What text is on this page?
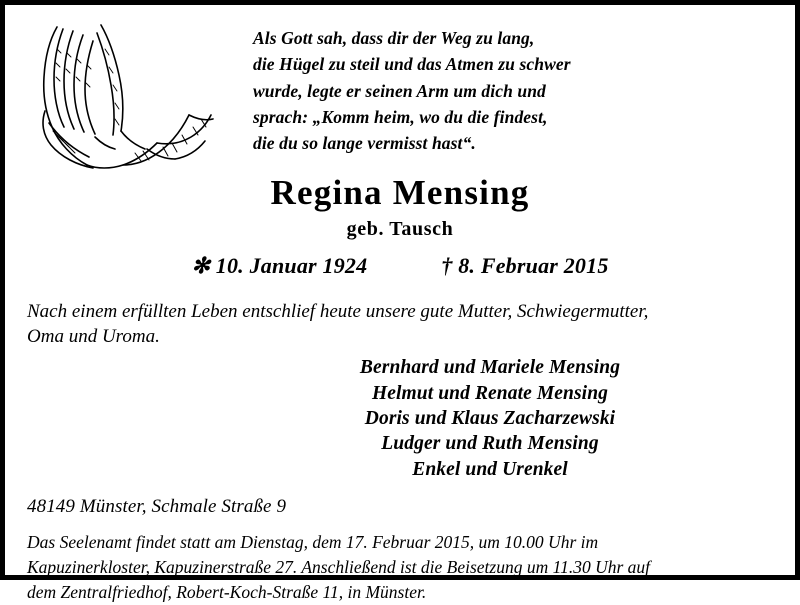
Als Gott sah, dass dir der Weg zu lang,
die Hügel zu steil und das Atmen zu schwer
wurde, legte er seinen Arm um dich und
sprach: „Komm heim, wo du die findest,
die du so lange vermisst hast“.
Regina Mensing
geb. Tausch
✻ 10. Januar 1924	† 8. Februar 2015
Nach einem erfüllten Leben entschlief heute unsere gute Mutter, Schwiegermutter,
Oma und Uroma.
Bernhard und Mariele Mensing
Helmut und Renate Mensing
Doris und Klaus Zacharzewski
Ludger und Ruth Mensing
Enkel und Urenkel
48149 Münster, Schmale Straße 9
Das Seelenamt findet statt am Dienstag, dem 17. Februar 2015, um 10.00 Uhr im
Kapuzinerkloster, Kapuzinerstraße 27. Anschließend ist die Beisetzung um 11.30 Uhr auf
dem Zentralfriedhof, Robert-Koch-Straße 11, in Münster.
